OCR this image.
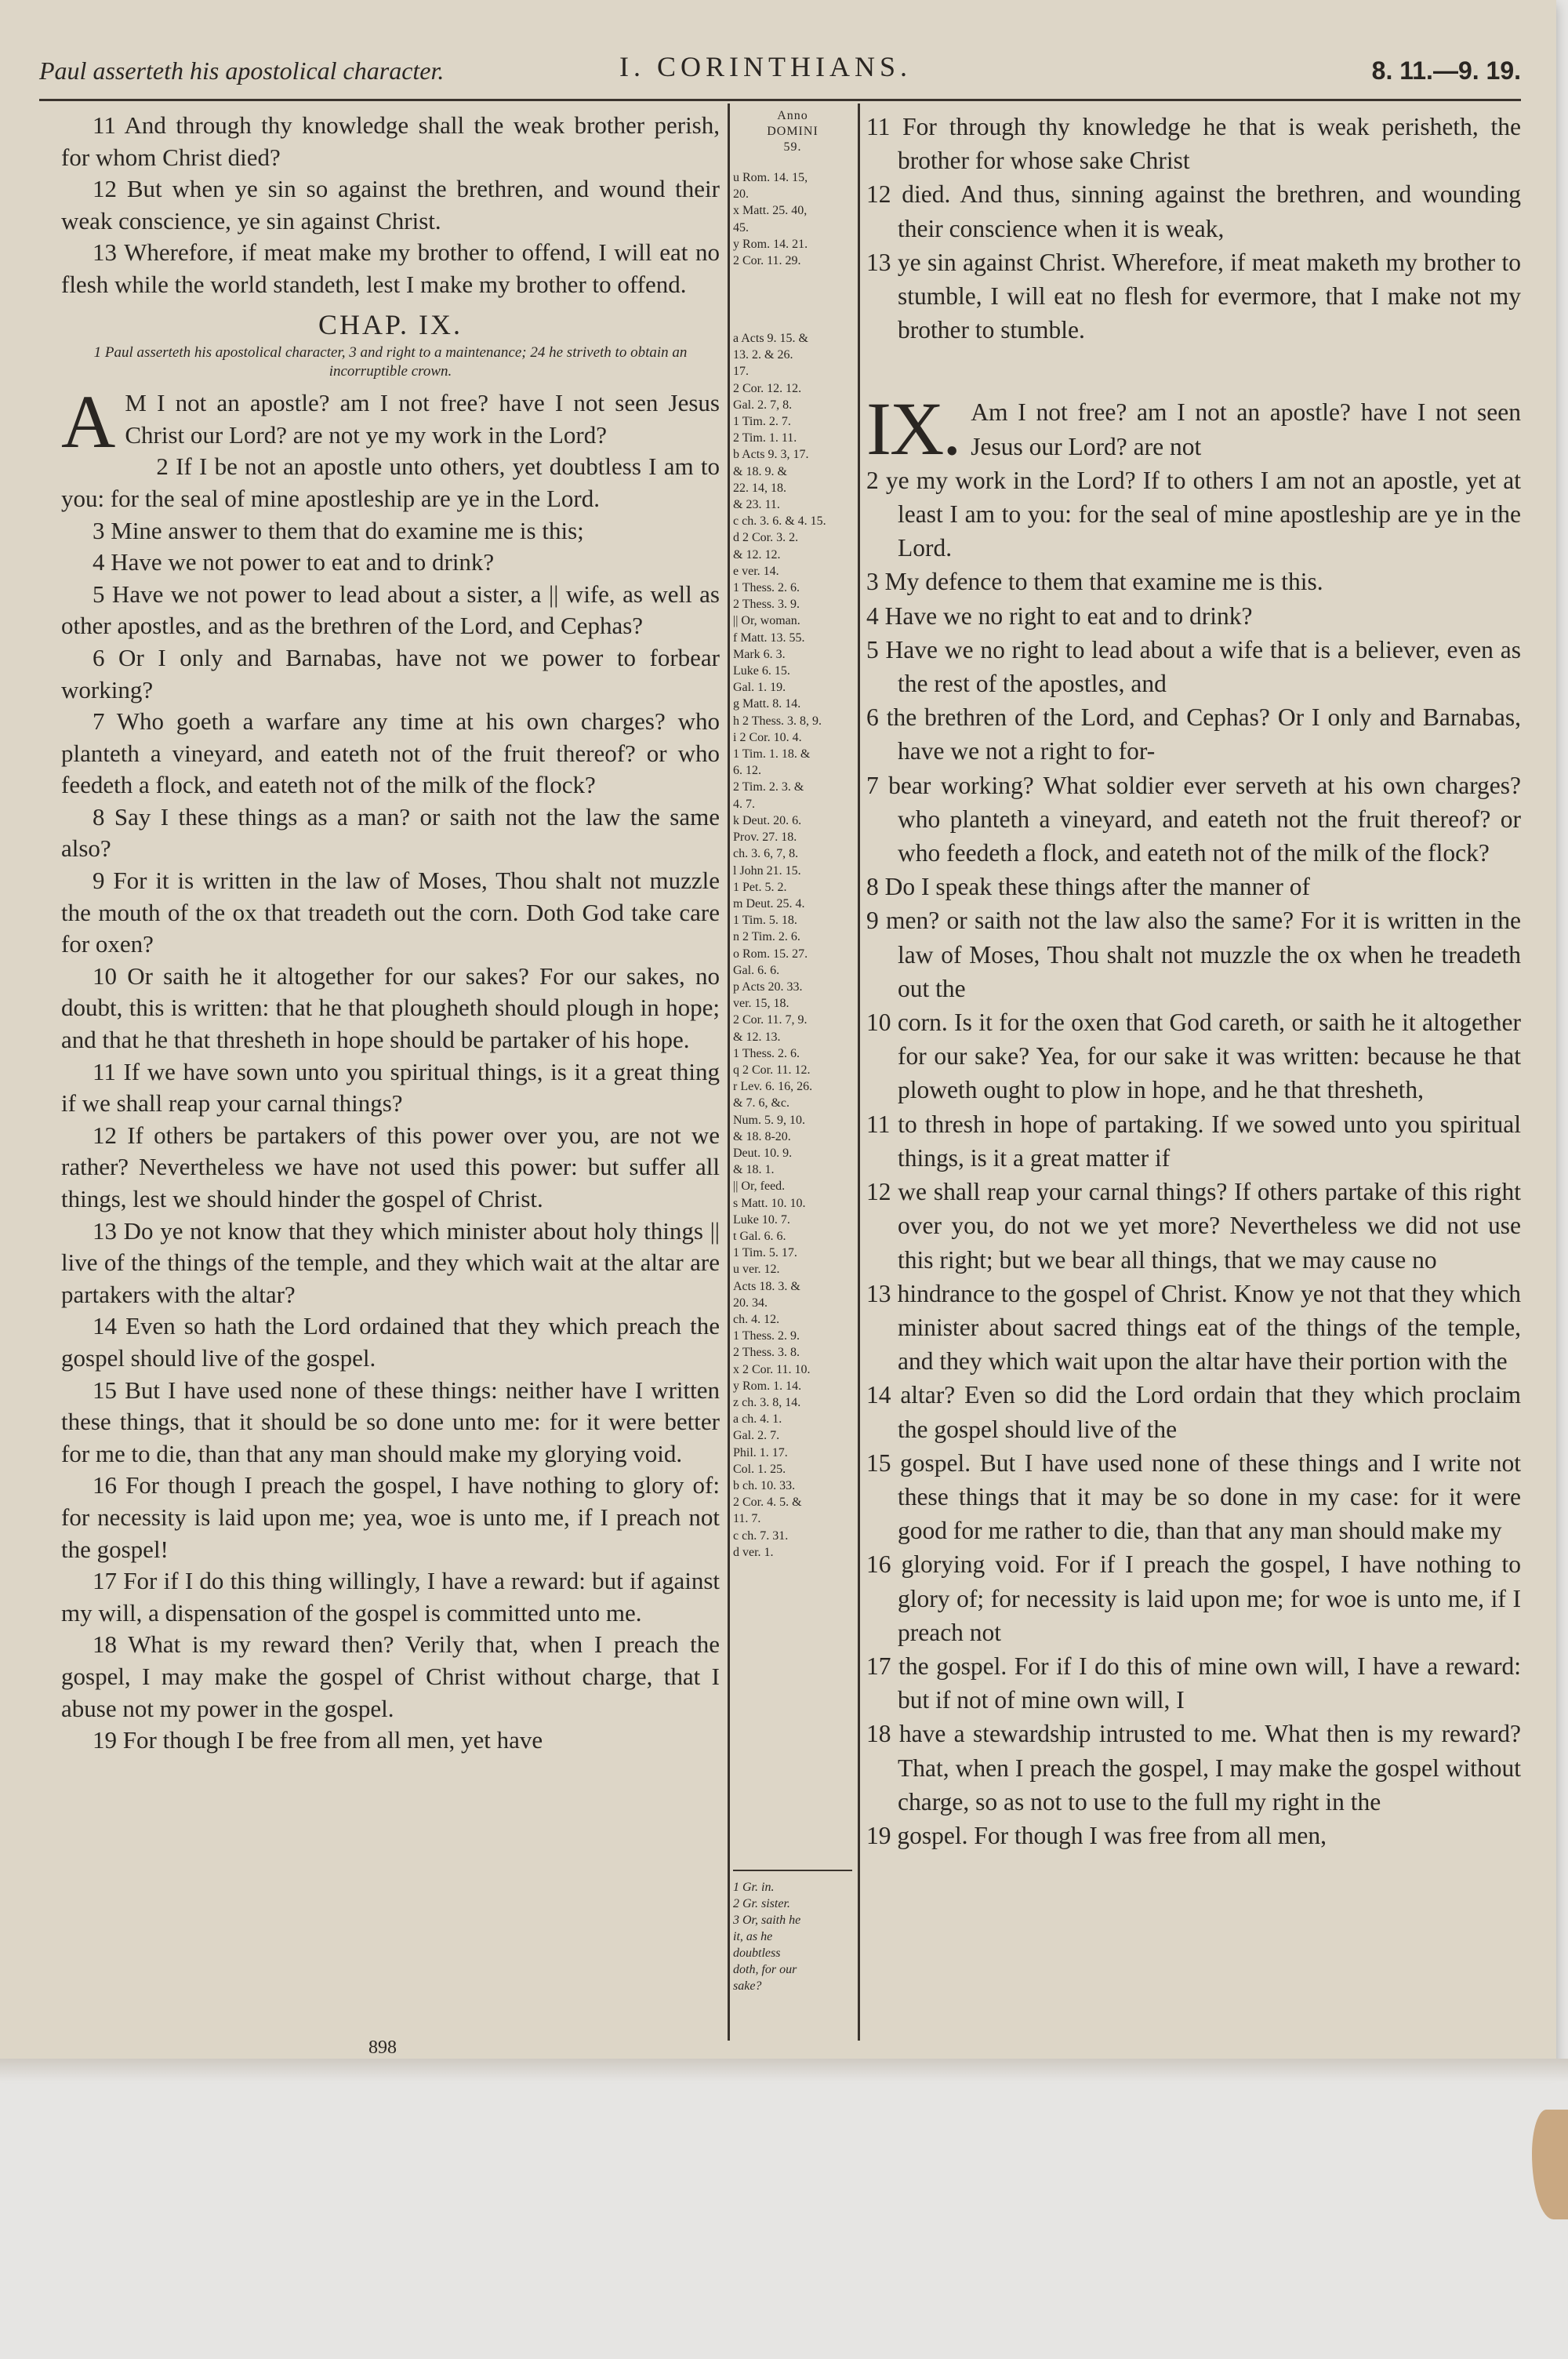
Paul asserteth his apostolical character.	I. CORINTHIANS.	8. 11.—9. 19.

11 And through thy knowledge shall the weak brother perish, for whom Christ died?

12 But when ye sin so against the brethren, and wound their weak conscience, ye sin against Christ.

13 Wherefore, if meat make my brother to offend, I will eat no flesh while the world standeth, lest I make my brother to offend.

CHAP. IX.

1 Paul asserteth his apostolical character, 3 and right to a maintenance; 24 he striveth to obtain an incorruptible crown.

A M I not an apostle? am I not free? have I not seen Jesus Christ our Lord? are not ye my work in the Lord?

2 If I be not an apostle unto others, yet doubtless I am to you: for the seal of mine apostleship are ye in the Lord.

3 Mine answer to them that do examine me is this;

4 Have we not power to eat and to drink?

5 Have we not power to lead about a sister, a || wife, as well as other apostles, and as the brethren of the Lord, and Cephas?

6 Or I only and Barnabas, have not we power to forbear working?

7 Who goeth a warfare any time at his own charges? who planteth a vineyard, and eateth not of the fruit thereof? or who feedeth a flock, and eateth not of the milk of the flock?

8 Say I these things as a man? or saith not the law the same also?

9 For it is written in the law of Moses, Thou shalt not muzzle the mouth of the ox that treadeth out the corn. Doth God take care for oxen?

10 Or saith he it altogether for our sakes? For our sakes, no doubt, this is written: that he that plougheth should plough in hope; and that he that thresheth in hope should be partaker of his hope.

11 If we have sown unto you spiritual things, is it a great thing if we shall reap your carnal things?

12 If others be partakers of this power over you, are not we rather? Nevertheless we have not used this power: but suffer all things, lest we should hinder the gospel of Christ.

13 Do ye not know that they which minister about holy things || live of the things of the temple, and they which wait at the altar are partakers with the altar?

14 Even so hath the Lord ordained that they which preach the gospel should live of the gospel.

15 But I have used none of these things: neither have I written these things, that it should be so done unto me: for it were better for me to die, than that any man should make my glorying void.

16 For though I preach the gospel, I have nothing to glory of: for necessity is laid upon me; yea, woe is unto me, if I preach not the gospel!

17 For if I do this thing willingly, I have a reward: but if against my will, a dispensation of the gospel is committed unto me.

18 What is my reward then? Verily that, when I preach the gospel, I may make the gospel of Christ without charge, that I abuse not my power in the gospel.

19 For though I be free from all men, yet have

Anno
DOMINI
59.
u Rom. 14. 15,
20.
x Matt. 25. 40,
45.
y Rom. 14. 21.
2 Cor. 11. 29.
a Acts 9. 15. &
13. 2. & 26.
17.
2 Cor. 12. 12.
Gal. 2. 7, 8.
1 Tim. 2. 7.
2 Tim. 1. 11.
b Acts 9. 3, 17.
& 18. 9. &
22. 14, 18.
& 23. 11.
c ch. 3. 6. & 4. 15.
d 2 Cor. 3. 2.
& 12. 12.
e ver. 14.
1 Thess. 2. 6.
2 Thess. 3. 9.
|| Or, woman.
f Matt. 13. 55.
Mark 6. 3.
Luke 6. 15.
Gal. 1. 19.
g Matt. 8. 14.
h 2 Thess. 3. 8, 9.
i 2 Cor. 10. 4.
1 Tim. 1. 18. &
6. 12.
2 Tim. 2. 3. &
4. 7.
k Deut. 20. 6.
Prov. 27. 18.
ch. 3. 6, 7, 8.
l John 21. 15.
1 Pet. 5. 2.
m Deut. 25. 4.
1 Tim. 5. 18.
n 2 Tim. 2. 6.
o Rom. 15. 27.
Gal. 6. 6.
p Acts 20. 33.
ver. 15, 18.
2 Cor. 11. 7, 9.
& 12. 13.
1 Thess. 2. 6.
q 2 Cor. 11. 12.
r Lev. 6. 16, 26.
& 7. 6, &c.
Num. 5. 9, 10.
& 18. 8-20.
Deut. 10. 9.
& 18. 1.
|| Or, feed.
s Matt. 10. 10.
Luke 10. 7.
t Gal. 6. 6.
1 Tim. 5. 17.
u ver. 12.
Acts 18. 3. &
20. 34.
ch. 4. 12.
1 Thess. 2. 9.
2 Thess. 3. 8.
x 2 Cor. 11. 10.
y Rom. 1. 14.
z ch. 3. 8, 14.
a ch. 4. 1.
Gal. 2. 7.
Phil. 1. 17.
Col. 1. 25.
b ch. 10. 33.
2 Cor. 4. 5. &
11. 7.
c ch. 7. 31.
d ver. 1.
1 Gr. in.
2 Gr. sister.
3 Or, saith he
it, as he
doubtless
doth, for our
sake?

11 For through thy knowledge he that is weak perisheth, the brother for whose sake Christ

12 died. And thus, sinning against the brethren, and wounding their conscience when it is weak,

13 ye sin against Christ. Wherefore, if meat maketh my brother to stumble, I will eat no flesh for evermore, that I make not my brother to stumble.

IX. Am I not free? am I not an apostle? have I not seen Jesus our Lord? are not

2 ye my work in the Lord? If to others I am not an apostle, yet at least I am to you: for the seal of mine apostleship are ye in the Lord.

3 My defence to them that examine me is this.

4 Have we no right to eat and to drink?

5 Have we no right to lead about a wife that is a believer, even as the rest of the apostles, and

6 the brethren of the Lord, and Cephas? Or I only and Barnabas, have we not a right to for-

7 bear working? What soldier ever serveth at his own charges? who planteth a vineyard, and eateth not the fruit thereof? or who feedeth a flock, and eateth not of the milk of the flock?

8 Do I speak these things after the manner of

9 men? or saith not the law also the same? For it is written in the law of Moses, Thou shalt not muzzle the ox when he treadeth out the

10 corn. Is it for the oxen that God careth, or saith he it altogether for our sake? Yea, for our sake it was written: because he that ploweth ought to plow in hope, and he that thresheth,

11 to thresh in hope of partaking. If we sowed unto you spiritual things, is it a great matter if

12 we shall reap your carnal things? If others partake of this right over you, do not we yet more? Nevertheless we did not use this right; but we bear all things, that we may cause no

13 hindrance to the gospel of Christ. Know ye not that they which minister about sacred things eat of the things of the temple, and they which wait upon the altar have their portion with the

14 altar? Even so did the Lord ordain that they which proclaim the gospel should live of the

15 gospel. But I have used none of these things and I write not these things that it may be so done in my case: for it were good for me rather to die, than that any man should make my

16 glorying void. For if I preach the gospel, I have nothing to glory of; for necessity is laid upon me; for woe is unto me, if I preach not

17 the gospel. For if I do this of mine own will, I have a reward: but if not of mine own will, I

18 have a stewardship intrusted to me. What then is my reward? That, when I preach the gospel, I may make the gospel without charge, so as not to use to the full my right in the

19 gospel. For though I was free from all men,

898
